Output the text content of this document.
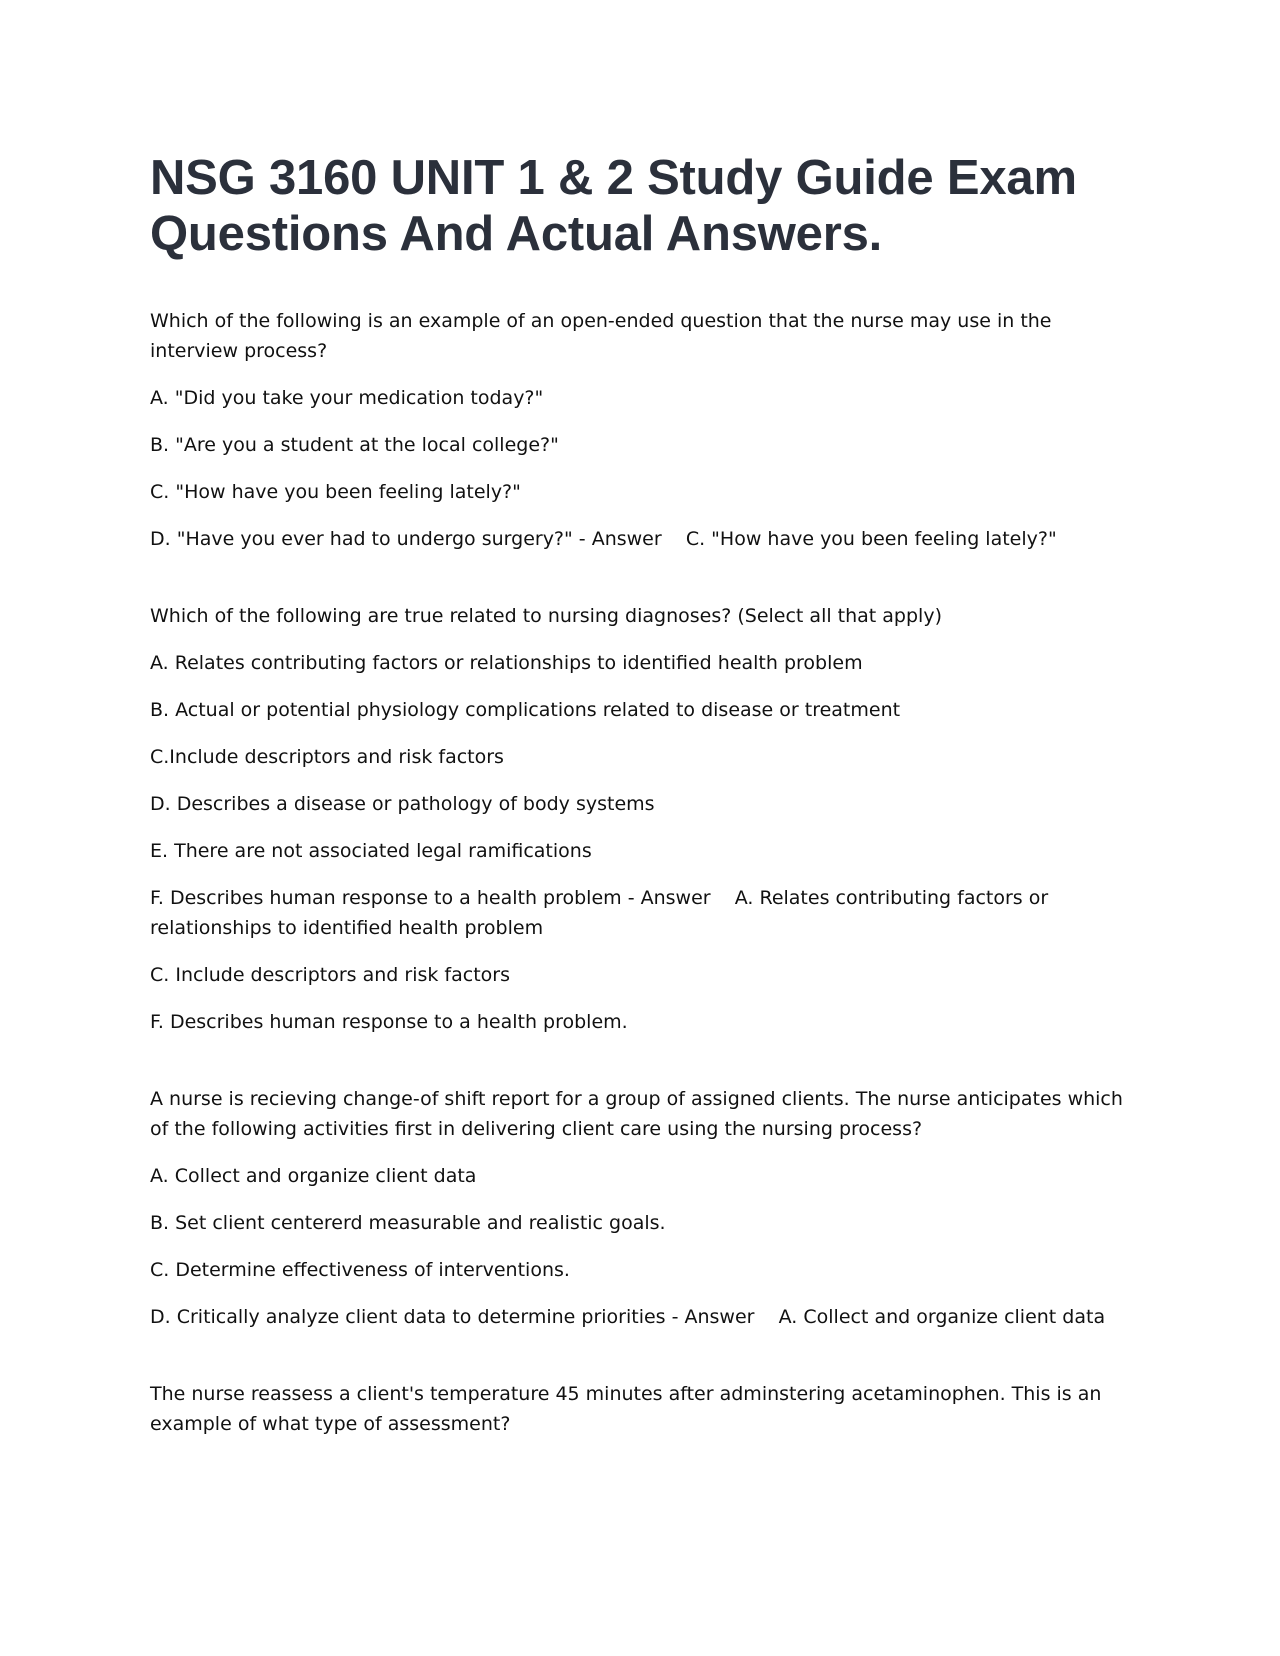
NSG 3160 UNIT 1 & 2 Study Guide Exam Questions And Actual Answers.

Which of the following is an example of an open-ended question that the nurse may use in the interview process?

A. "Did you take your medication today?"

B. "Are you a student at the local college?"

C. "How have you been feeling lately?"

D. "Have you ever had to undergo surgery?" - Answer    C. "How have you been feeling lately?"

Which of the following are true related to nursing diagnoses? (Select all that apply)

A. Relates contributing factors or relationships to identified health problem

B. Actual or potential physiology complications related to disease or treatment

C.Include descriptors and risk factors

D. Describes a disease or pathology of body systems

E. There are not associated legal ramifications

F. Describes human response to a health problem - Answer    A. Relates contributing factors or relationships to identified health problem

C. Include descriptors and risk factors

F. Describes human response to a health problem.

A nurse is recieving change-of shift report for a group of assigned clients. The nurse anticipates which of the following activities first in delivering client care using the nursing process?

A. Collect and organize client data

B. Set client centererd measurable and realistic goals.

C. Determine effectiveness of interventions.

D. Critically analyze client data to determine priorities - Answer    A. Collect and organize client data

The nurse reassess a client's temperature 45 minutes after adminstering acetaminophen. This is an example of what type of assessment?
